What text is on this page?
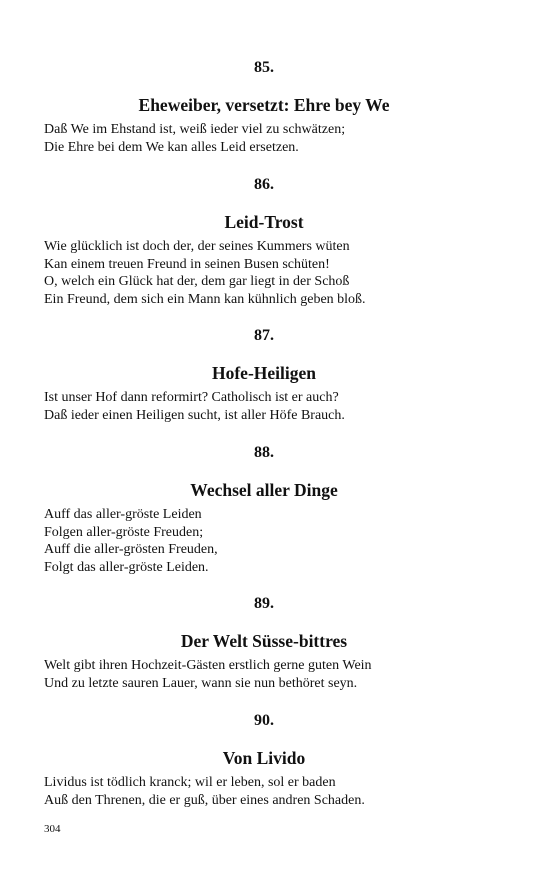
85.
Eheweiber, versetzt: Ehre bey We
Daß We im Ehstand ist, weiß ieder viel zu schwätzen;
Die Ehre bei dem We kan alles Leid ersetzen.
86.
Leid-Trost
Wie glücklich ist doch der, der seines Kummers wüten
Kan einem treuen Freund in seinen Busen schüten!
O, welch ein Glück hat der, dem gar liegt in der Schoß
Ein Freund, dem sich ein Mann kan kühnlich geben bloß.
87.
Hofe-Heiligen
Ist unser Hof dann reformirt? Catholisch ist er auch?
Daß ieder einen Heiligen sucht, ist aller Höfe Brauch.
88.
Wechsel aller Dinge
Auff das aller-gröste Leiden
Folgen aller-gröste Freuden;
Auff die aller-grösten Freuden,
Folgt das aller-gröste Leiden.
89.
Der Welt Süsse-bittres
Welt gibt ihren Hochzeit-Gästen erstlich gerne guten Wein
Und zu letzte sauren Lauer, wann sie nun bethöret seyn.
90.
Von Livido
Lividus ist tödlich kranck; wil er leben, sol er baden
Auß den Threnen, die er guß, über eines andren Schaden.
304
